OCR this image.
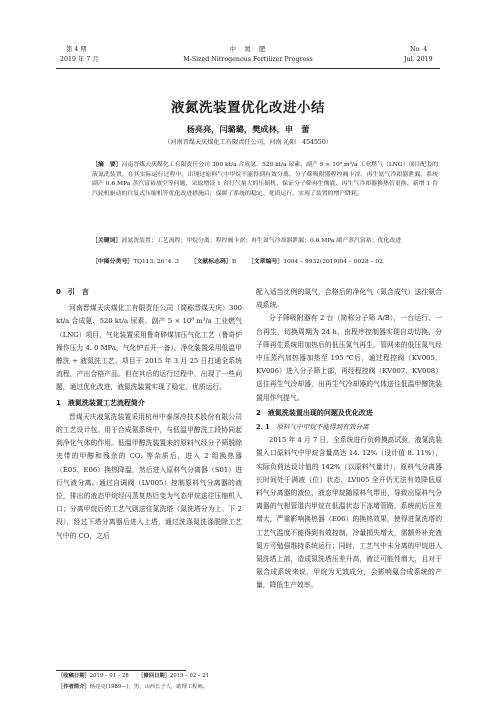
第 4 期
2019 年 7 月
中　氮　肥
M-Sized Nitrogenous Fertilizer Progress
No. 4
Jul. 2019
液氮洗装置优化改进小结
杨亮亮，闫璐璐，樊成林，申　蕾
（河南晋煤天庆煤化工有限责任公司，河南 沁阳　454550）
［摘　要］河南晋煤天庆煤化工有限责任公司 300 kt/a 合成氨、520 kt/a 尿素、副产 5 × 10⁸ m³/a 工业燃气（LNG）项目配套的液氮洗装置，在其实际运行过程中，出现过原料气中甲烷不能得到有效分离、分子筛吸附器程控阀卡涩、再生氮气冷却器泄漏、系统副产 0.6 MPa 蒸汽富裕放空等问题，采取增设 1 台打气量大的压缩机、保证分子筛再生彻底、再生气冷却器换热管更换、新增 1 台汽轮机驱动的往复式压缩机等优化改进措施后，保障了系统的稳定、优质运行，实现了装置的增产降耗。
［关键词］液氮洗装置；工艺流程；甲烷分离；程控阀卡涩；再生氮气冷却器泄漏；0.6 MPa 副产蒸汽富裕；优化改进
［中图分类号］TQ113. 26⁺4. 3 ［文献标志码］B ［文章编号］1004 – 9932(2019)04 – 0028 – 02

0　引　言

河南晋煤天庆煤化工有限责任公司（简称晋煤天庆）300 kt/a 合成氨、520 kt/a 尿素、副产 5 × 10⁸ m³/a 工业燃气（LNG）项目，气化装置采用鲁奇碎煤加压气化工艺（鲁奇炉操作压力 4. 0 MPa，气化炉五开一备），净化装置采用低温甲醇洗 + 液氮洗工艺。项目于 2015 年 3 月 25 日打通全系统流程，产出合格产品。但在其后的运行过程中，出现了一些问题，通过优化改进，液氮洗装置实现了稳定、优质运行。

1　液氮洗装置工艺流程简介

晋煤天庆液氮洗装置采用杭州中泰深冷技术股份有限公司的工艺设计包。用于合成氨系统中，与低温甲醇洗工段协同起到净化气体的作用。低温甲醇洗装置来的原料气经分子筛脱除夹带的甲醇和残余的 CO₂ 等杂质后，进入 2 组换热器（E05、E06）换热降温，然后进入原料气分离器（S01）进行气液分离。通过自调阀（LV005）控制原料气分离器的液位，排出的液态甲烷经闪蒸复热后变为气态甲烷送往压缩机入口；分离甲烷后的工艺气则送往氮洗塔（氮洗塔分为上、下 2 段），经过下塔分离器后进入上塔，通过洗涤氮洗涤脱除工艺气中的 CO，之后

配入适当比例的氮气，合格后的净化气（氮合成气）送往氨合成系统。

分子筛吸附器有 2 台（简称分子筛 A/B），一台运行、一台再生，切换周期为 24 h，由程序控制器实现自动切换，分子筛再生系统用加热后的低压氮气再生。管网来的低压氮气经中压蒸汽加热器加热至 195 ℃后，通过程控阀（KV005、KV006）进入分子筛上部，再经程控阀（KV007、KV008）送往再生气冷却器，出再生气冷却器的气体送往低温甲醇洗装置用作气提气。

2　液氮洗装置出现的问题及优化改进

2. 1　 原料气中甲烷不能得到有效分离

2015 年 4 月 7 日，全系统进行负荷摸高试验，液氮洗装置入口原料气中甲烷含量高达 14. 12%（设计值 8. 11%），实际负荷达设计值的 142%（以原料气量计），原料气分离器长时间处于满液（位）状态，LV005 全开仍无法有效降低原料气分离器的液位，液态甲烷随原料气带出，导致出原料气分离器的气相管道内甲烷在低温状态下冻堵管路，系统前后压差增大，严重影响换热器（E06）的换热效果，使得进氮洗塔的工艺气温度不能得到有效控制，冷量损失增大，需额外补充液氮方可勉强维持系统运行；同时，工艺气中未分离的甲烷进入氮洗塔上部，造成氮洗塔压差升高，液泛可能性增大，且对于氨合成系统来说，甲烷为无效成分，会影响氨合成系统的产量，降低生产效率。

［收稿日期］2019 – 01 – 28 ［修回日期］2019 – 02 – 21
［作者简介］杨亮亮(1989—)，男，山西长子人，助理工程师。
